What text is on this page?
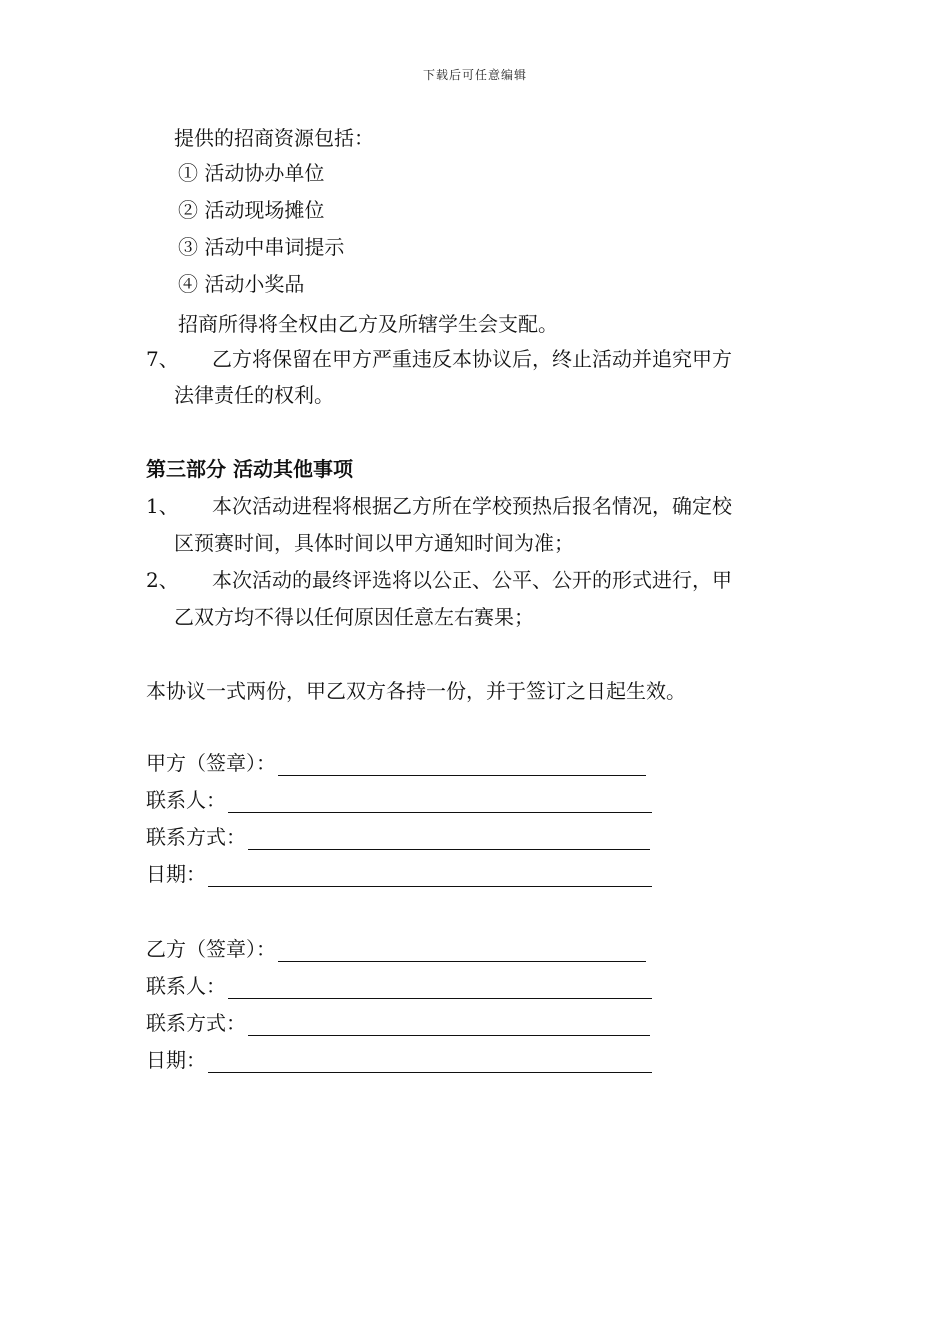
下载后可任意编辑
提供的招商资源包括：
① 活动协办单位
② 活动现场摊位
③ 活动中串词提示
④ 活动小奖品
招商所得将全权由乙方及所辖学生会支配。
7、 乙方将保留在甲方严重违反本协议后，终止活动并追究甲方
法律责任的权利。
第三部分 活动其他事项
1、 本次活动进程将根据乙方所在学校预热后报名情况，确定校
区预赛时间，具体时间以甲方通知时间为准；
2、 本次活动的最终评选将以公正、公平、公开的形式进行，甲
乙双方均不得以任何原因任意左右赛果；
本协议一式两份，甲乙双方各持一份，并于签订之日起生效。
甲方（签章）：
联系人：
联系方式：
日期：
乙方（签章）：
联系人：
联系方式：
日期：
